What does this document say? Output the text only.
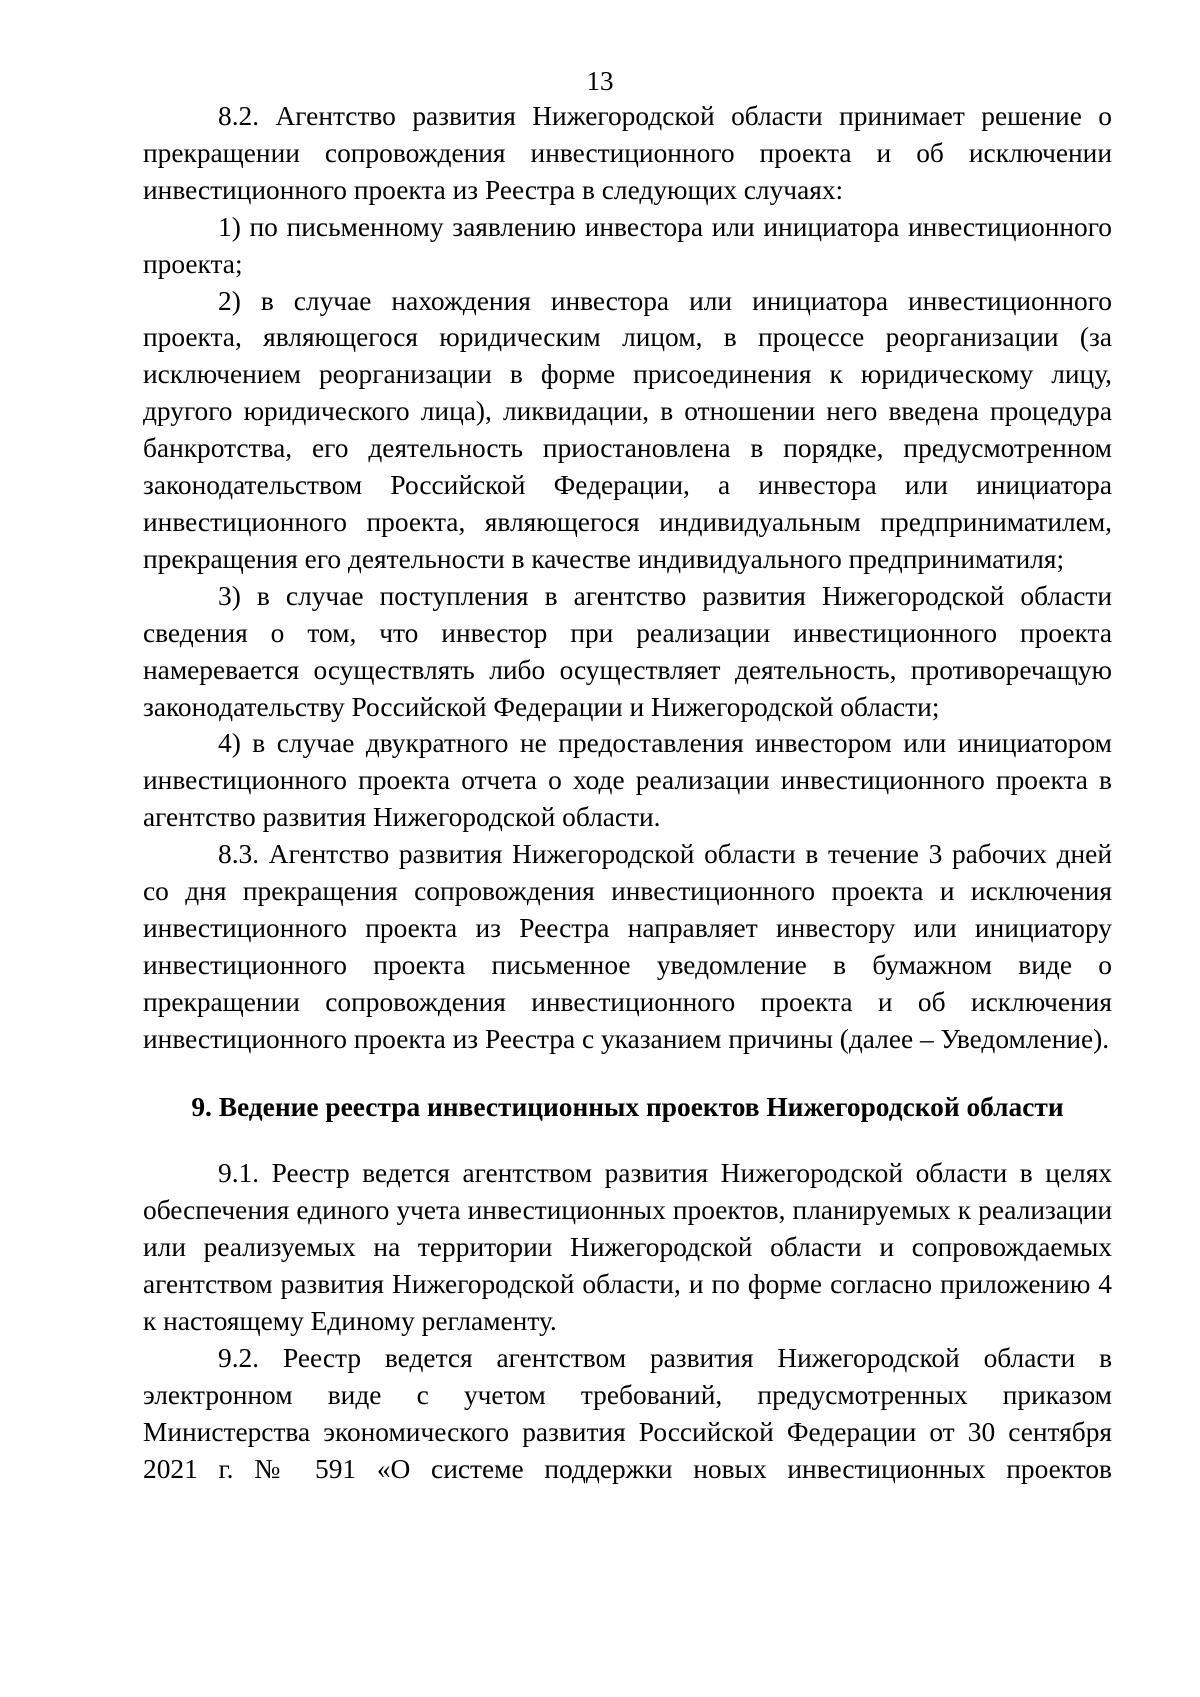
13

8.2. Агентство развития Нижегородской области принимает решение о прекращении сопровождения инвестиционного проекта и об исключении инвестиционного проекта из Реестра в следующих случаях:

1) по письменному заявлению инвестора или инициатора инвестиционного проекта;

2) в случае нахождения инвестора или инициатора инвестиционного проекта, являющегося юридическим лицом, в процессе реорганизации (за исключением реорганизации в форме присоединения к юридическому лицу, другого юридического лица), ликвидации, в отношении него введена процедура банкротства, его деятельность приостановлена в порядке, предусмотренном законодательством Российской Федерации, а инвестора или инициатора инвестиционного проекта, являющегося индивидуальным предприниматилем, прекращения его деятельности в качестве индивидуального предприниматиля;

3) в случае поступления в агентство развития Нижегородской области сведения о том, что инвестор при реализации инвестиционного проекта намеревается осуществлять либо осуществляет деятельность, противоречащую законодательству Российской Федерации и Нижегородской области;

4) в случае двукратного не предоставления инвестором или инициатором инвестиционного проекта отчета о ходе реализации инвестиционного проекта в агентство развития Нижегородской области.

8.3. Агентство развития Нижегородской области в течение 3 рабочих дней со дня прекращения сопровождения инвестиционного проекта и исключения инвестиционного проекта из Реестра направляет инвестору или инициатору инвестиционного проекта письменное уведомление в бумажном виде о прекращении сопровождения инвестиционного проекта и об исключения инвестиционного проекта из Реестра с указанием причины (далее – Уведомление).

9. Ведение реестра инвестиционных проектов Нижегородской области

9.1. Реестр ведется агентством развития Нижегородской области в целях обеспечения единого учета инвестиционных проектов, планируемых к реализации или реализуемых на территории Нижегородской области и сопровождаемых агентством развития Нижегородской области, и по форме согласно приложению 4 к настоящему Единому регламенту.

9.2. Реестр ведется агентством развития Нижегородской области в электронном виде с учетом требований, предусмотренных приказом Министерства экономического развития Российской Федерации от 30 сентября 2021 г. № 591 «О системе поддержки новых инвестиционных проектов
